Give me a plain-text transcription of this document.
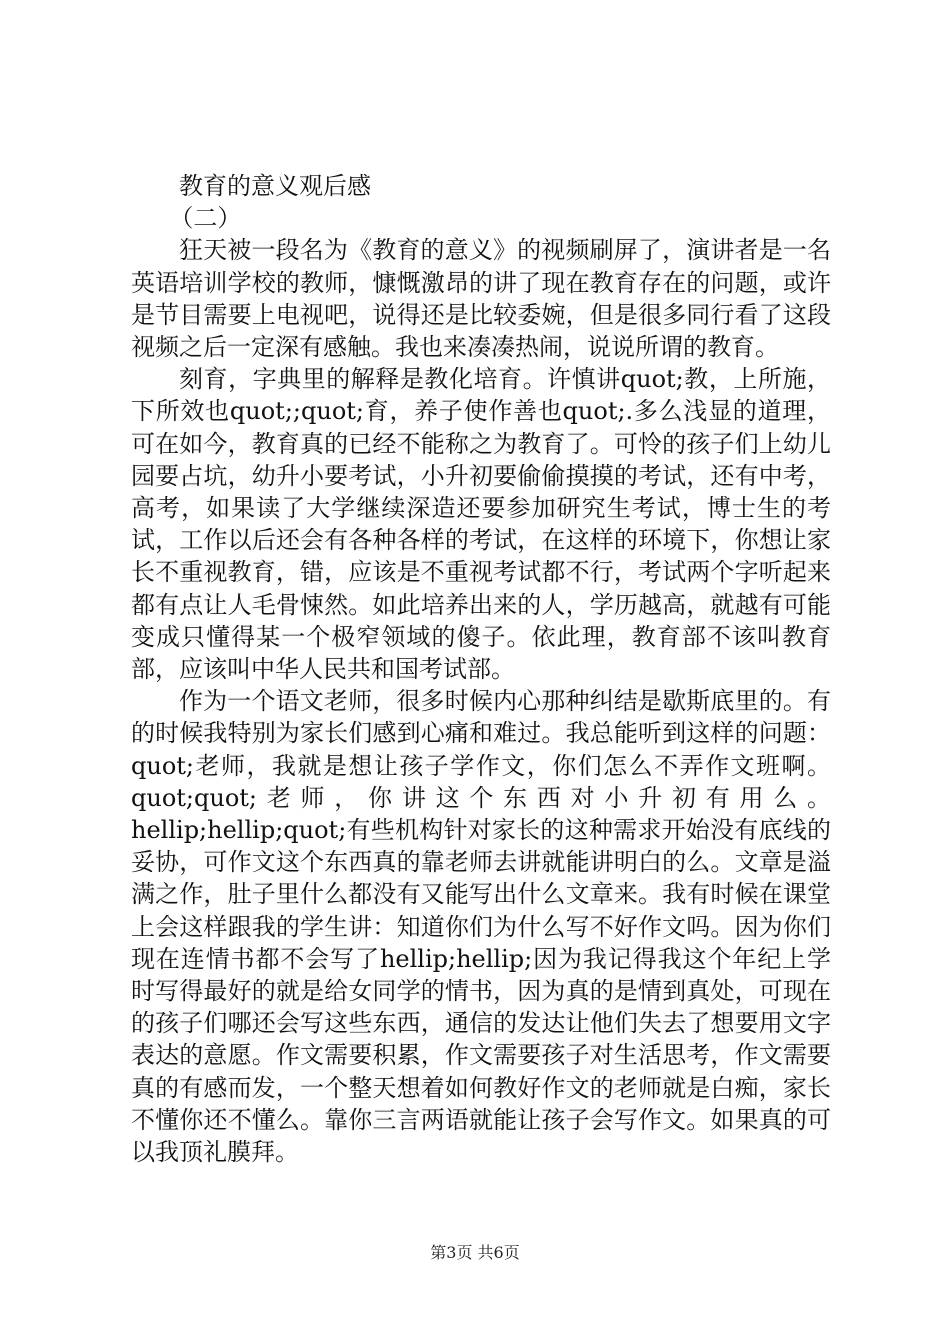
教育的意义观后感
（二）

狂天被一段名为《教育的意义》的视频刷屏了，演讲者是一名英语培训学校的教师，慷慨激昂的讲了现在教育存在的问题，或许是节目需要上电视吧，说得还是比较委婉，但是很多同行看了这段视频之后一定深有感触。我也来凑凑热闹，说说所谓的教育。

刻育，字典里的解释是教化培育。许慎讲quot;教，上所施，下所效也quot;;quot;育，养子使作善也quot;.多么浅显的道理，可在如今，教育真的已经不能称之为教育了。可怜的孩子们上幼儿园要占坑，幼升小要考试，小升初要偷偷摸摸的考试，还有中考，高考，如果读了大学继续深造还要参加研究生考试，博士生的考试，工作以后还会有各种各样的考试，在这样的环境下，你想让家长不重视教育，错，应该是不重视考试都不行，考试两个字听起来都有点让人毛骨悚然。如此培养出来的人，学历越高，就越有可能变成只懂得某一个极窄领域的傻子。依此理，教育部不该叫教育部，应该叫中华人民共和国考试部。

作为一个语文老师，很多时候内心那种纠结是歇斯底里的。有的时候我特别为家长们感到心痛和难过。我总能听到这样的问题：quot;老师，我就是想让孩子学作文，你们怎么不弄作文班啊。quot;quot;老师，你讲这个东西对小升初有用么。hellip;hellip;quot;有些机构针对家长的这种需求开始没有底线的妥协，可作文这个东西真的靠老师去讲就能讲明白的么。文章是溢满之作，肚子里什么都没有又能写出什么文章来。我有时候在课堂上会这样跟我的学生讲：知道你们为什么写不好作文吗。因为你们现在连情书都不会写了hellip;hellip;因为我记得我这个年纪上学时写得最好的就是给女同学的情书，因为真的是情到真处，可现在的孩子们哪还会写这些东西，通信的发达让他们失去了想要用文字表达的意愿。作文需要积累，作文需要孩子对生活思考，作文需要真的有感而发，一个整天想着如何教好作文的老师就是白痴，家长不懂你还不懂么。靠你三言两语就能让孩子会写作文。如果真的可以我顶礼膜拜。

第3页 共6页
